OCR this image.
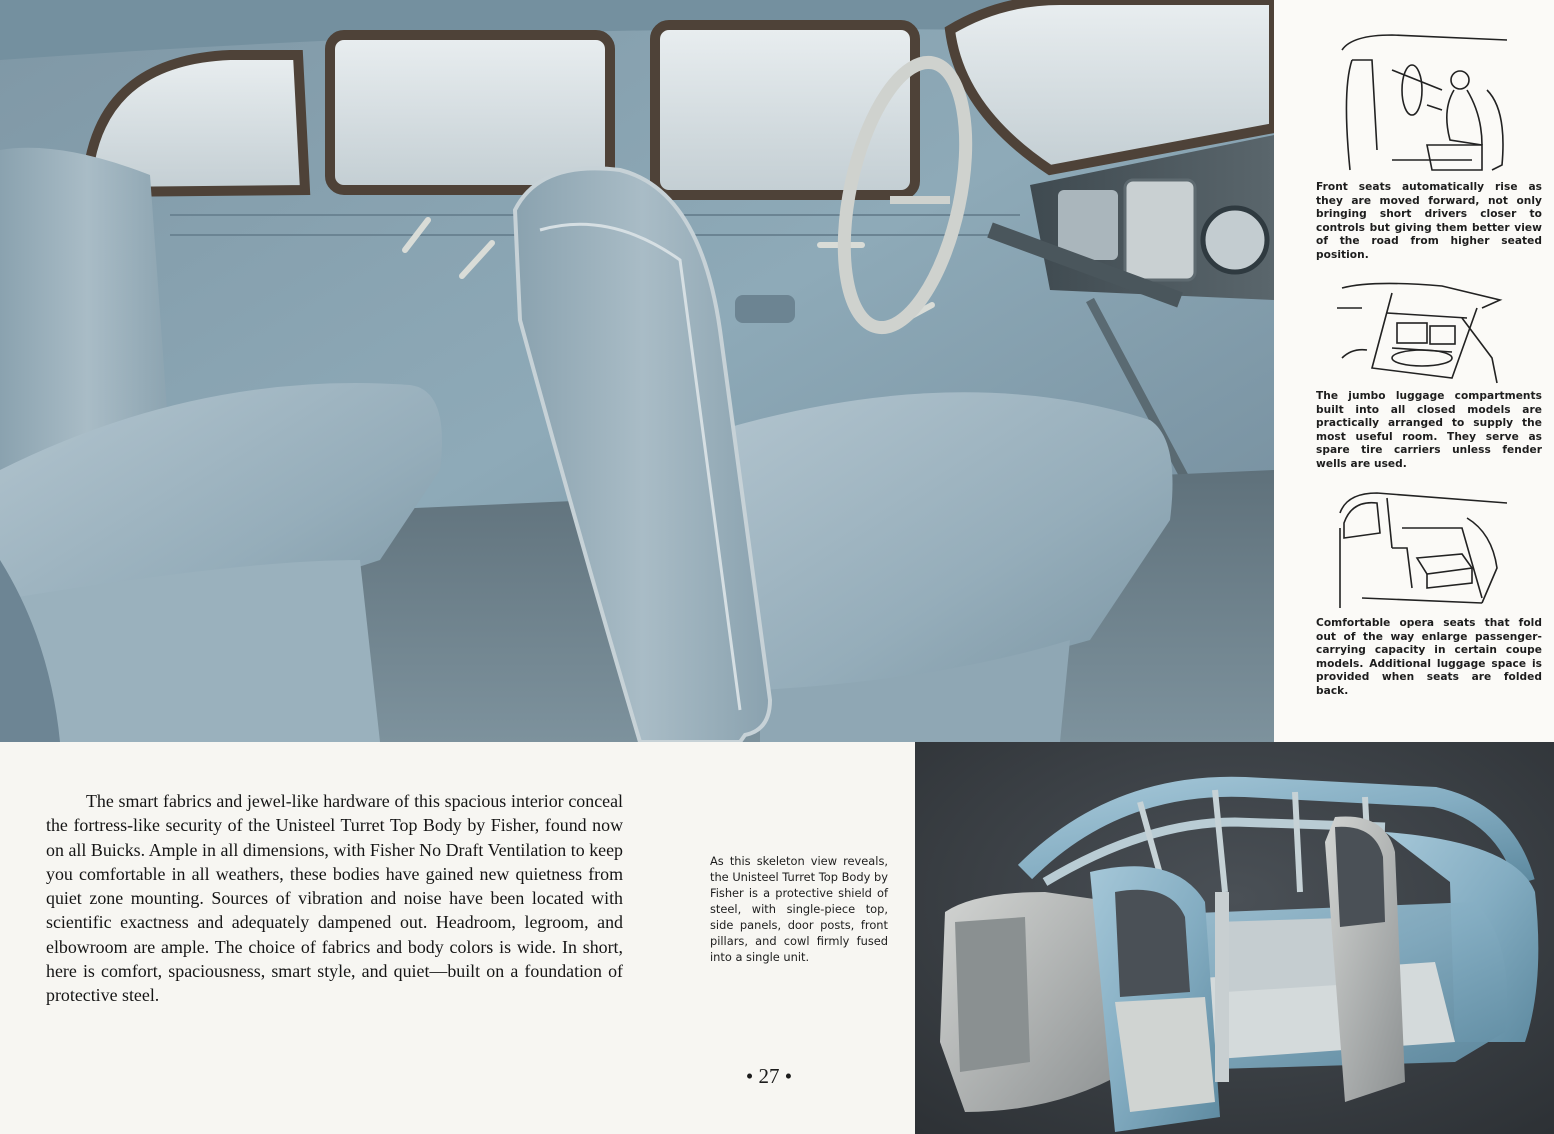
Front seats automatically rise as they are moved forward, not only bringing short drivers closer to controls but giving them better view of the road from higher seated position.
The jumbo luggage compartments built into all closed models are practically arranged to supply the most useful room. They serve as spare tire carriers unless fender wells are used.
Comfortable opera seats that fold out of the way enlarge passenger-carrying capacity in certain coupe models. Additional luggage space is provided when seats are folded back.

The smart fabrics and jewel-like hardware of this spacious interior conceal the fortress-like security of the Unisteel Turret Top Body by Fisher, found now on all Buicks. Ample in all dimensions, with Fisher No Draft Ventilation to keep you comfortable in all weathers, these bodies have gained new quietness from quiet zone mounting. Sources of vibration and noise have been located with scientific exactness and adequately dampened out. Headroom, legroom, and elbowroom are ample. The choice of fabrics and body colors is wide. In short, here is comfort, spaciousness, smart style, and quiet—built on a foundation of protective steel.

As this skeleton view reveals, the Unisteel Turret Top Body by Fisher is a protective shield of steel, with single-piece top, side panels, door posts, front pillars, and cowl firmly fused into a single unit.

• 27 •
